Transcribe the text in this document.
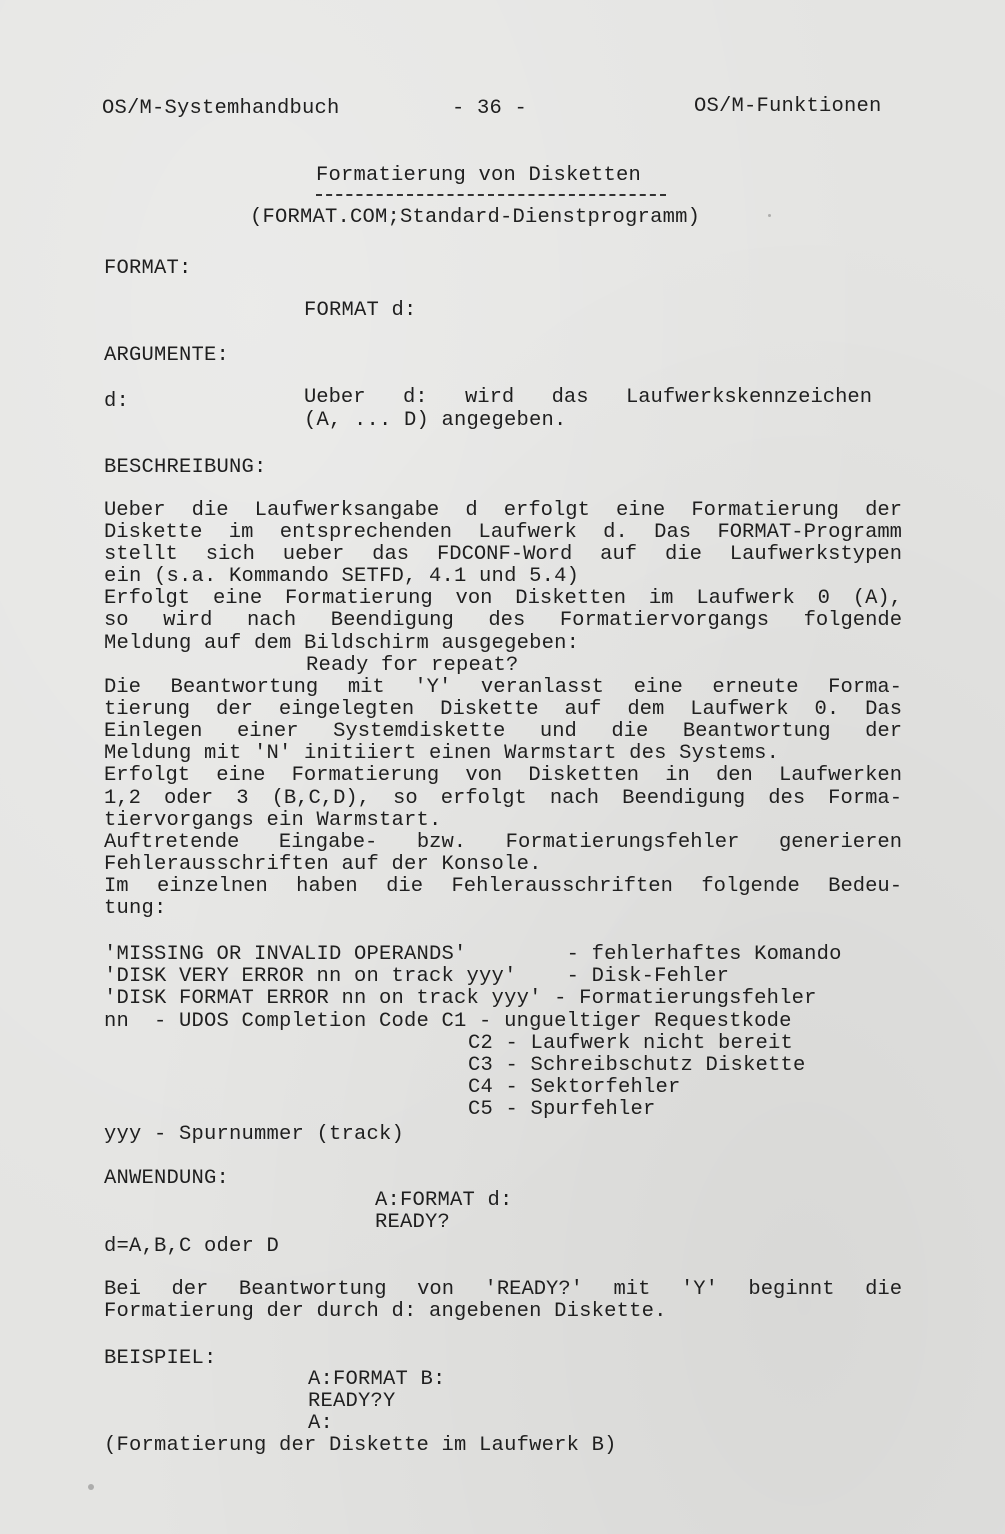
OS/M-Systemhandbuch	- 36 -	OS/M-Funktionen
Formatierung von Disketten
(FORMAT.COM;Standard-Dienstprogramm)
FORMAT:
FORMAT d:
ARGUMENTE:
d:	Ueber d: wird das Laufwerkskennzeichen
(A, ... D) angegeben.
BESCHREIBUNG:
Ueber die Laufwerksangabe d erfolgt eine Formatierung der
Diskette im entsprechenden Laufwerk d. Das FORMAT-Programm
stellt sich ueber das FDCONF-Word auf die Laufwerkstypen
ein (s.a. Kommando SETFD, 4.1 und 5.4)
Erfolgt eine Formatierung von Disketten im Laufwerk 0 (A),
so wird nach Beendigung des Formatiervorgangs folgende
Meldung auf dem Bildschirm ausgegeben:
Ready for repeat?
Die Beantwortung mit 'Y' veranlasst eine erneute Forma-
tierung der eingelegten Diskette auf dem Laufwerk 0. Das
Einlegen einer Systemdiskette und die Beantwortung der
Meldung mit 'N' initiiert einen Warmstart des Systems.
Erfolgt eine Formatierung von Disketten in den Laufwerken
1,2 oder 3 (B,C,D), so erfolgt nach Beendigung des Forma-
tiervorgangs ein Warmstart.
Auftretende Eingabe- bzw. Formatierungsfehler generieren
Fehlerausschriften auf der Konsole.
Im einzelnen haben die Fehlerausschriften folgende Bedeu-
tung:
'MISSING OR INVALID OPERANDS'        - fehlerhaftes Komando
'DISK VERY ERROR nn on track yyy'    - Disk-Fehler
'DISK FORMAT ERROR nn on track yyy' - Formatierungsfehler
nn  - UDOS Completion Code C1 - ungueltiger Requestkode
C2 - Laufwerk nicht bereit
C3 - Schreibschutz Diskette
C4 - Sektorfehler
C5 - Spurfehler
yyy - Spurnummer (track)
ANWENDUNG:
A:FORMAT d:
READY?
d=A,B,C oder D
Bei der Beantwortung von 'READY?' mit 'Y' beginnt die
Formatierung der durch d: angebenen Diskette.
BEISPIEL:
A:FORMAT B:
READY?Y
A:
(Formatierung der Diskette im Laufwerk B)
